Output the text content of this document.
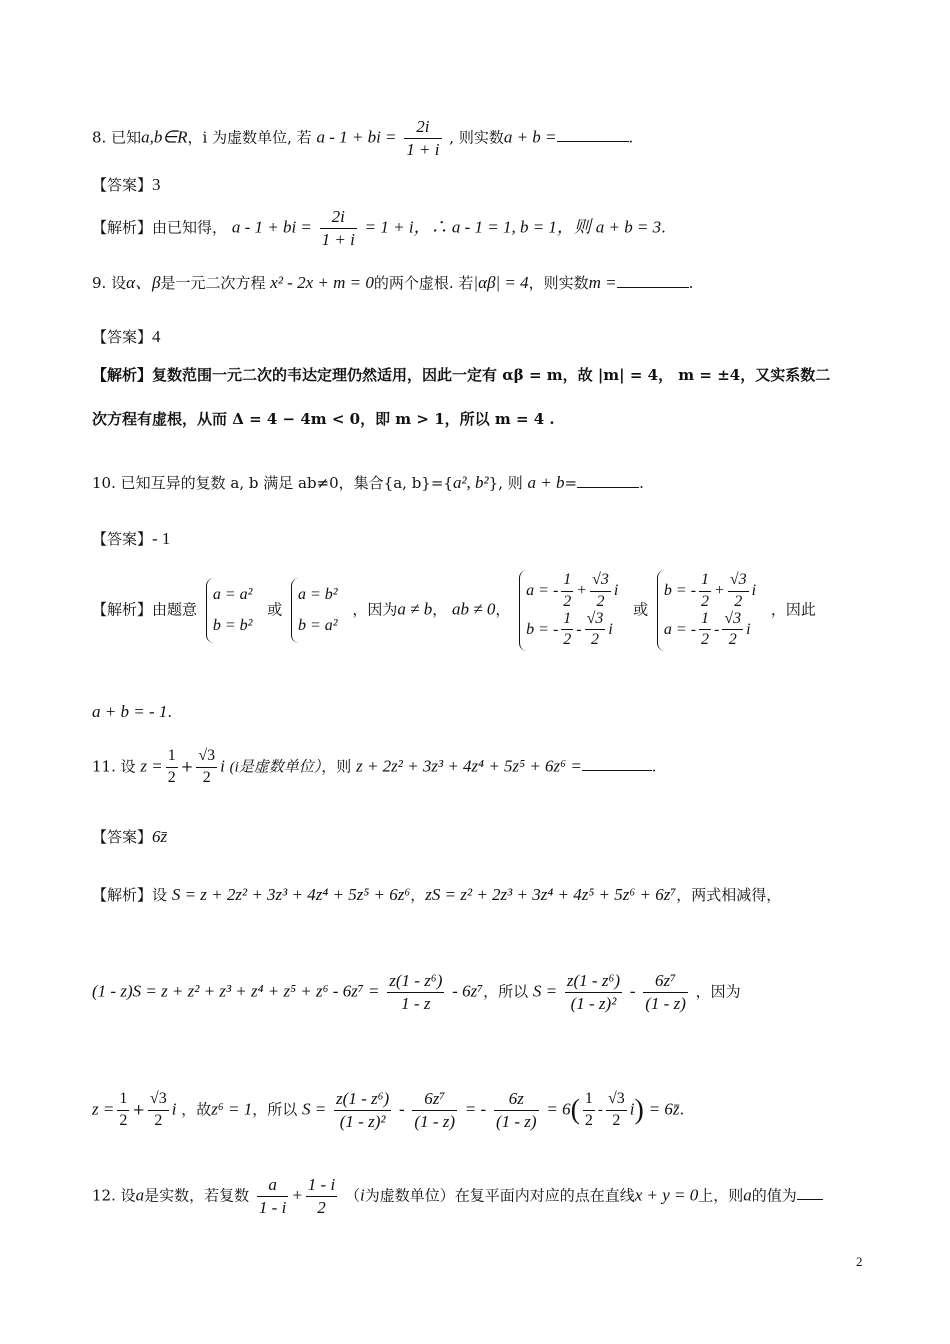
8. 已知a,b∈R，i 为虚数单位, 若 a - 1 + bi = $\frac{2i}{1 + i}$ , 则实数a + b =	.
【答案】3
【解析】由已知得， a - 1 + bi = $\frac{2i}{1 + i} = 1 + i$，∴ a - 1 = 1, b = 1，则 a + b = 3.
9. 设α、β是一元二次方程 x² - 2x + m = 0的两个虚根. 若|αβ| = 4，则实数m =	.
【答案】4
【解析】复数范围一元二次的韦达定理仍然适用，因此一定有 αβ = m，故 |m| = 4， m = ±4，又实系数二
次方程有虚根，从而 Δ = 4 − 4m < 0，即 m > 1，所以 m = 4 .
10. 已知互异的复数 a, b 满足 ab≠0，集合{a, b}={a², b²}, 则 a + b=	.
【答案】- 1
【解析】由题意 a = a²
b = b² 或 a = b²
b = a² ，因为a ≠ b， ab ≠ 0， a = - $\frac{1}{2} + \frac{√3}{2}$ i
b = - $\frac{1}{2} - \frac{√3}{2}$ i 或 b = - $\frac{1}{2} + \frac{√3}{2}$ i
a = - $\frac{1}{2} - \frac{√3}{2}$ i ，因此
a + b = - 1.
11. 设 $z = \frac{1}{2} + \frac{√3}{2}$ i (i是虚数单位），则 z + 2z² + 3z³ + 4z⁴ + 5z⁵ + 6z⁶ =	.
【答案】6z̄
【解析】设 S = z + 2z² + 3z³ + 4z⁴ + 5z⁵ + 6z⁶，zS = z² + 2z³ + 3z⁴ + 4z⁵ + 5z⁶ + 6z⁷，两式相减得，
$(1 - z)S = z + z^2 + z^3 + z^4 + z^5 + z^6 - 6z^7 = \frac{\text{z(1 - z⁶)}}{1 - z} - 6z^7$，所以 $S = \frac{\text{z(1 - z⁶)}}{\text{(1 - z)²}} - \frac{\text{6z⁷}}{(1 - z)}$ ，因为
$z = \frac{1}{2} + \frac{√3}{2}$ i ，故z⁶ = 1，所以 $S = \frac{\text{z(1 - z⁶)}}{\text{(1 - z)²}} - \frac{\text{6z⁷}}{(1 - z)}$ = - $\frac{6z}{(1 - z)} = 6( \frac{1}{2} - \frac{√3}{2} i)$ = 6z̄.
12. 设a是实数，若复数 $\frac{a}{1 - i} + \frac{1 - i}{2} (i$为虚数单位）在复平面内对应的点在直线x + y = 0上，则a的值为
2
